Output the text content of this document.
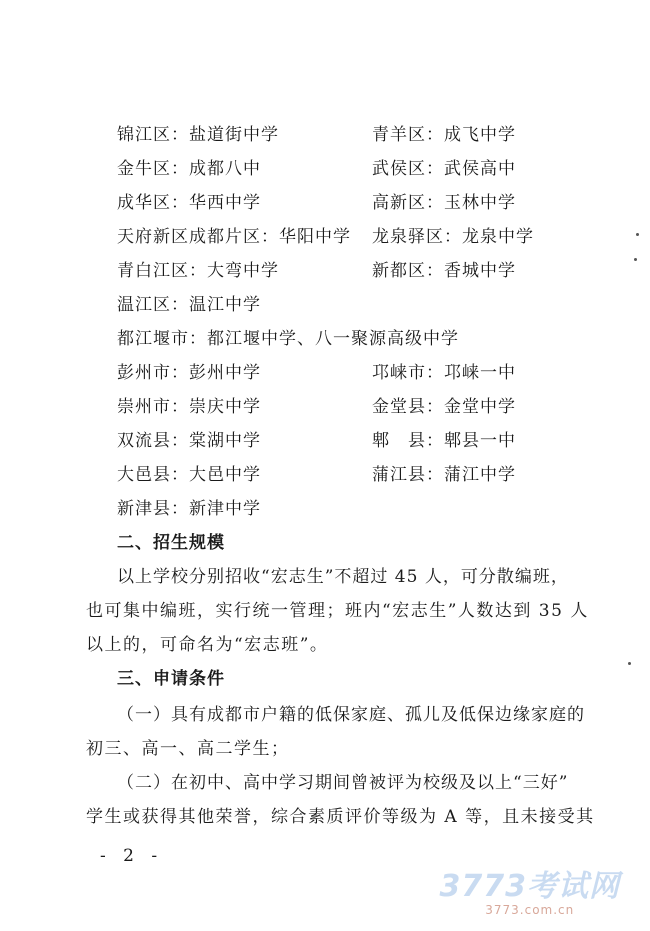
锦江区：盐道街中学	青羊区：成飞中学
金牛区：成都八中	武侯区：武侯高中
成华区：华西中学	高新区：玉林中学
天府新区成都片区：华阳中学 龙泉驿区：龙泉中学
青白江区：大弯中学	新都区：香城中学
温江区：温江中学
都江堰市：都江堰中学、八一聚源高级中学
彭州市：彭州中学	邛崃市：邛崃一中
崇州市：崇庆中学	金堂县：金堂中学
双流县：棠湖中学	郫　县：郫县一中
大邑县：大邑中学	蒲江县：蒲江中学
新津县：新津中学
二、招生规模
以上学校分别招收“宏志生”不超过 45 人，可分散编班，
也可集中编班，实行统一管理；班内“宏志生”人数达到 35 人
以上的，可命名为“宏志班”。
三、申请条件
（一）具有成都市户籍的低保家庭、孤儿及低保边缘家庭的
初三、高一、高二学生；
（二）在初中、高中学习期间曾被评为校级及以上“三好”
学生或获得其他荣誉，综合素质评价等级为 A 等，且未接受其
- 2 -
3773考试网
3773.com.cn
